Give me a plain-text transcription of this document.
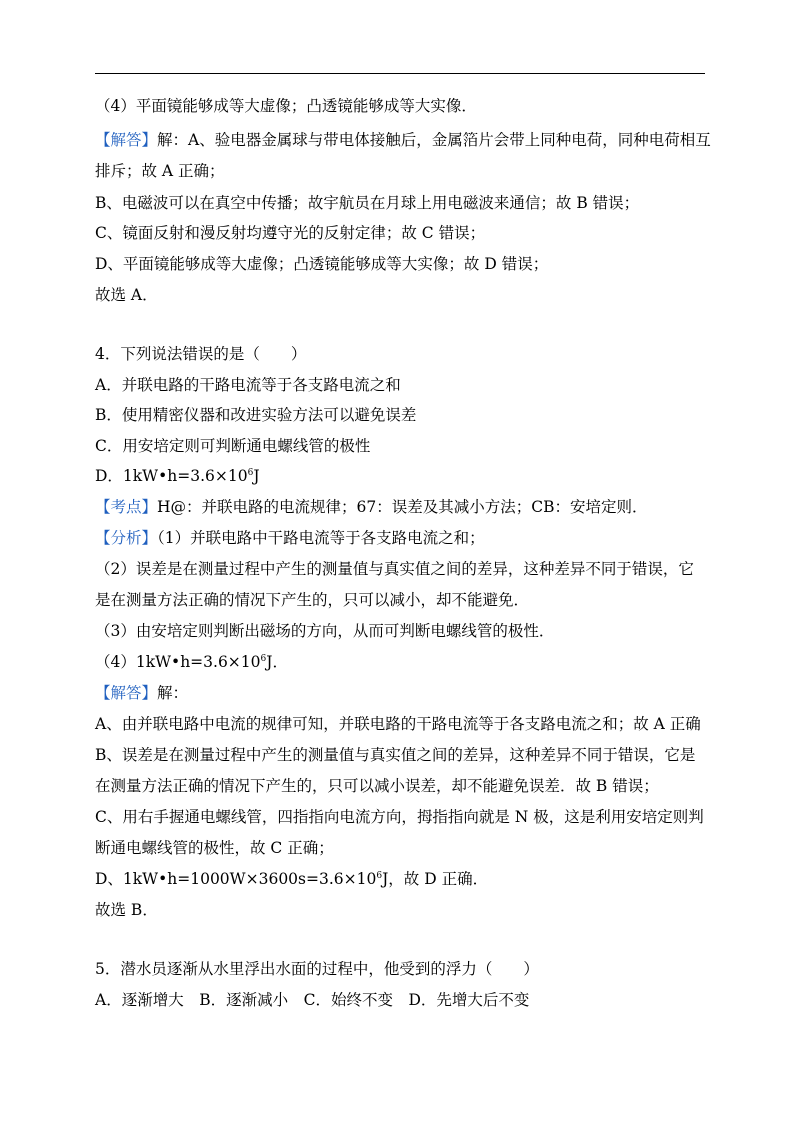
（4）平面镜能够成等大虚像；凸透镜能够成等大实像．
【解答】解：A、验电器金属球与带电体接触后，金属箔片会带上同种电荷，同种电荷相互
排斥；故 A 正确；
B、电磁波可以在真空中传播；故宇航员在月球上用电磁波来通信；故 B 错误；
C、镜面反射和漫反射均遵守光的反射定律；故 C 错误；
D、平面镜能够成等大虚像；凸透镜能够成等大实像；故 D 错误；
故选 A．
4．下列说法错误的是（　　）
A．并联电路的干路电流等于各支路电流之和
B．使用精密仪器和改进实验方法可以避免误差
C．用安培定则可判断通电螺线管的极性
D．$1kW•h=3.6\times 10^6J$
【考点】H@：并联电路的电流规律；67：误差及其减小方法；CB：安培定则．
【分析】（1）并联电路中干路电流等于各支路电流之和；
（2）误差是在测量过程中产生的测量值与真实值之间的差异，这种差异不同于错误，它
是在测量方法正确的情况下产生的，只可以减小，却不能避免．
（3）由安培定则判断出磁场的方向，从而可判断电螺线管的极性．
$(4)1kW•h=3.6\times 10^6J$．
【解答】解：
A、由并联电路中电流的规律可知，并联电路的干路电流等于各支路电流之和；故 A 正确
B、误差是在测量过程中产生的测量值与真实值之间的差异，这种差异不同于错误，它是
在测量方法正确的情况下产生的，只可以减小误差，却不能避免误差．故 B 错误；
C、用右手握通电螺线管，四指指向电流方向，拇指指向就是 N 极，这是利用安培定则判
断通电螺线管的极性，故 C 正确；
D、$1kW•h=1000W\times 3600s=3.6\times 10^6J$，故 D 正确．
故选 B．
5．潜水员逐渐从水里浮出水面的过程中，他受到的浮力（　　）
A．逐渐增大　B．逐渐减小　C．始终不变　D．先增大后不变
